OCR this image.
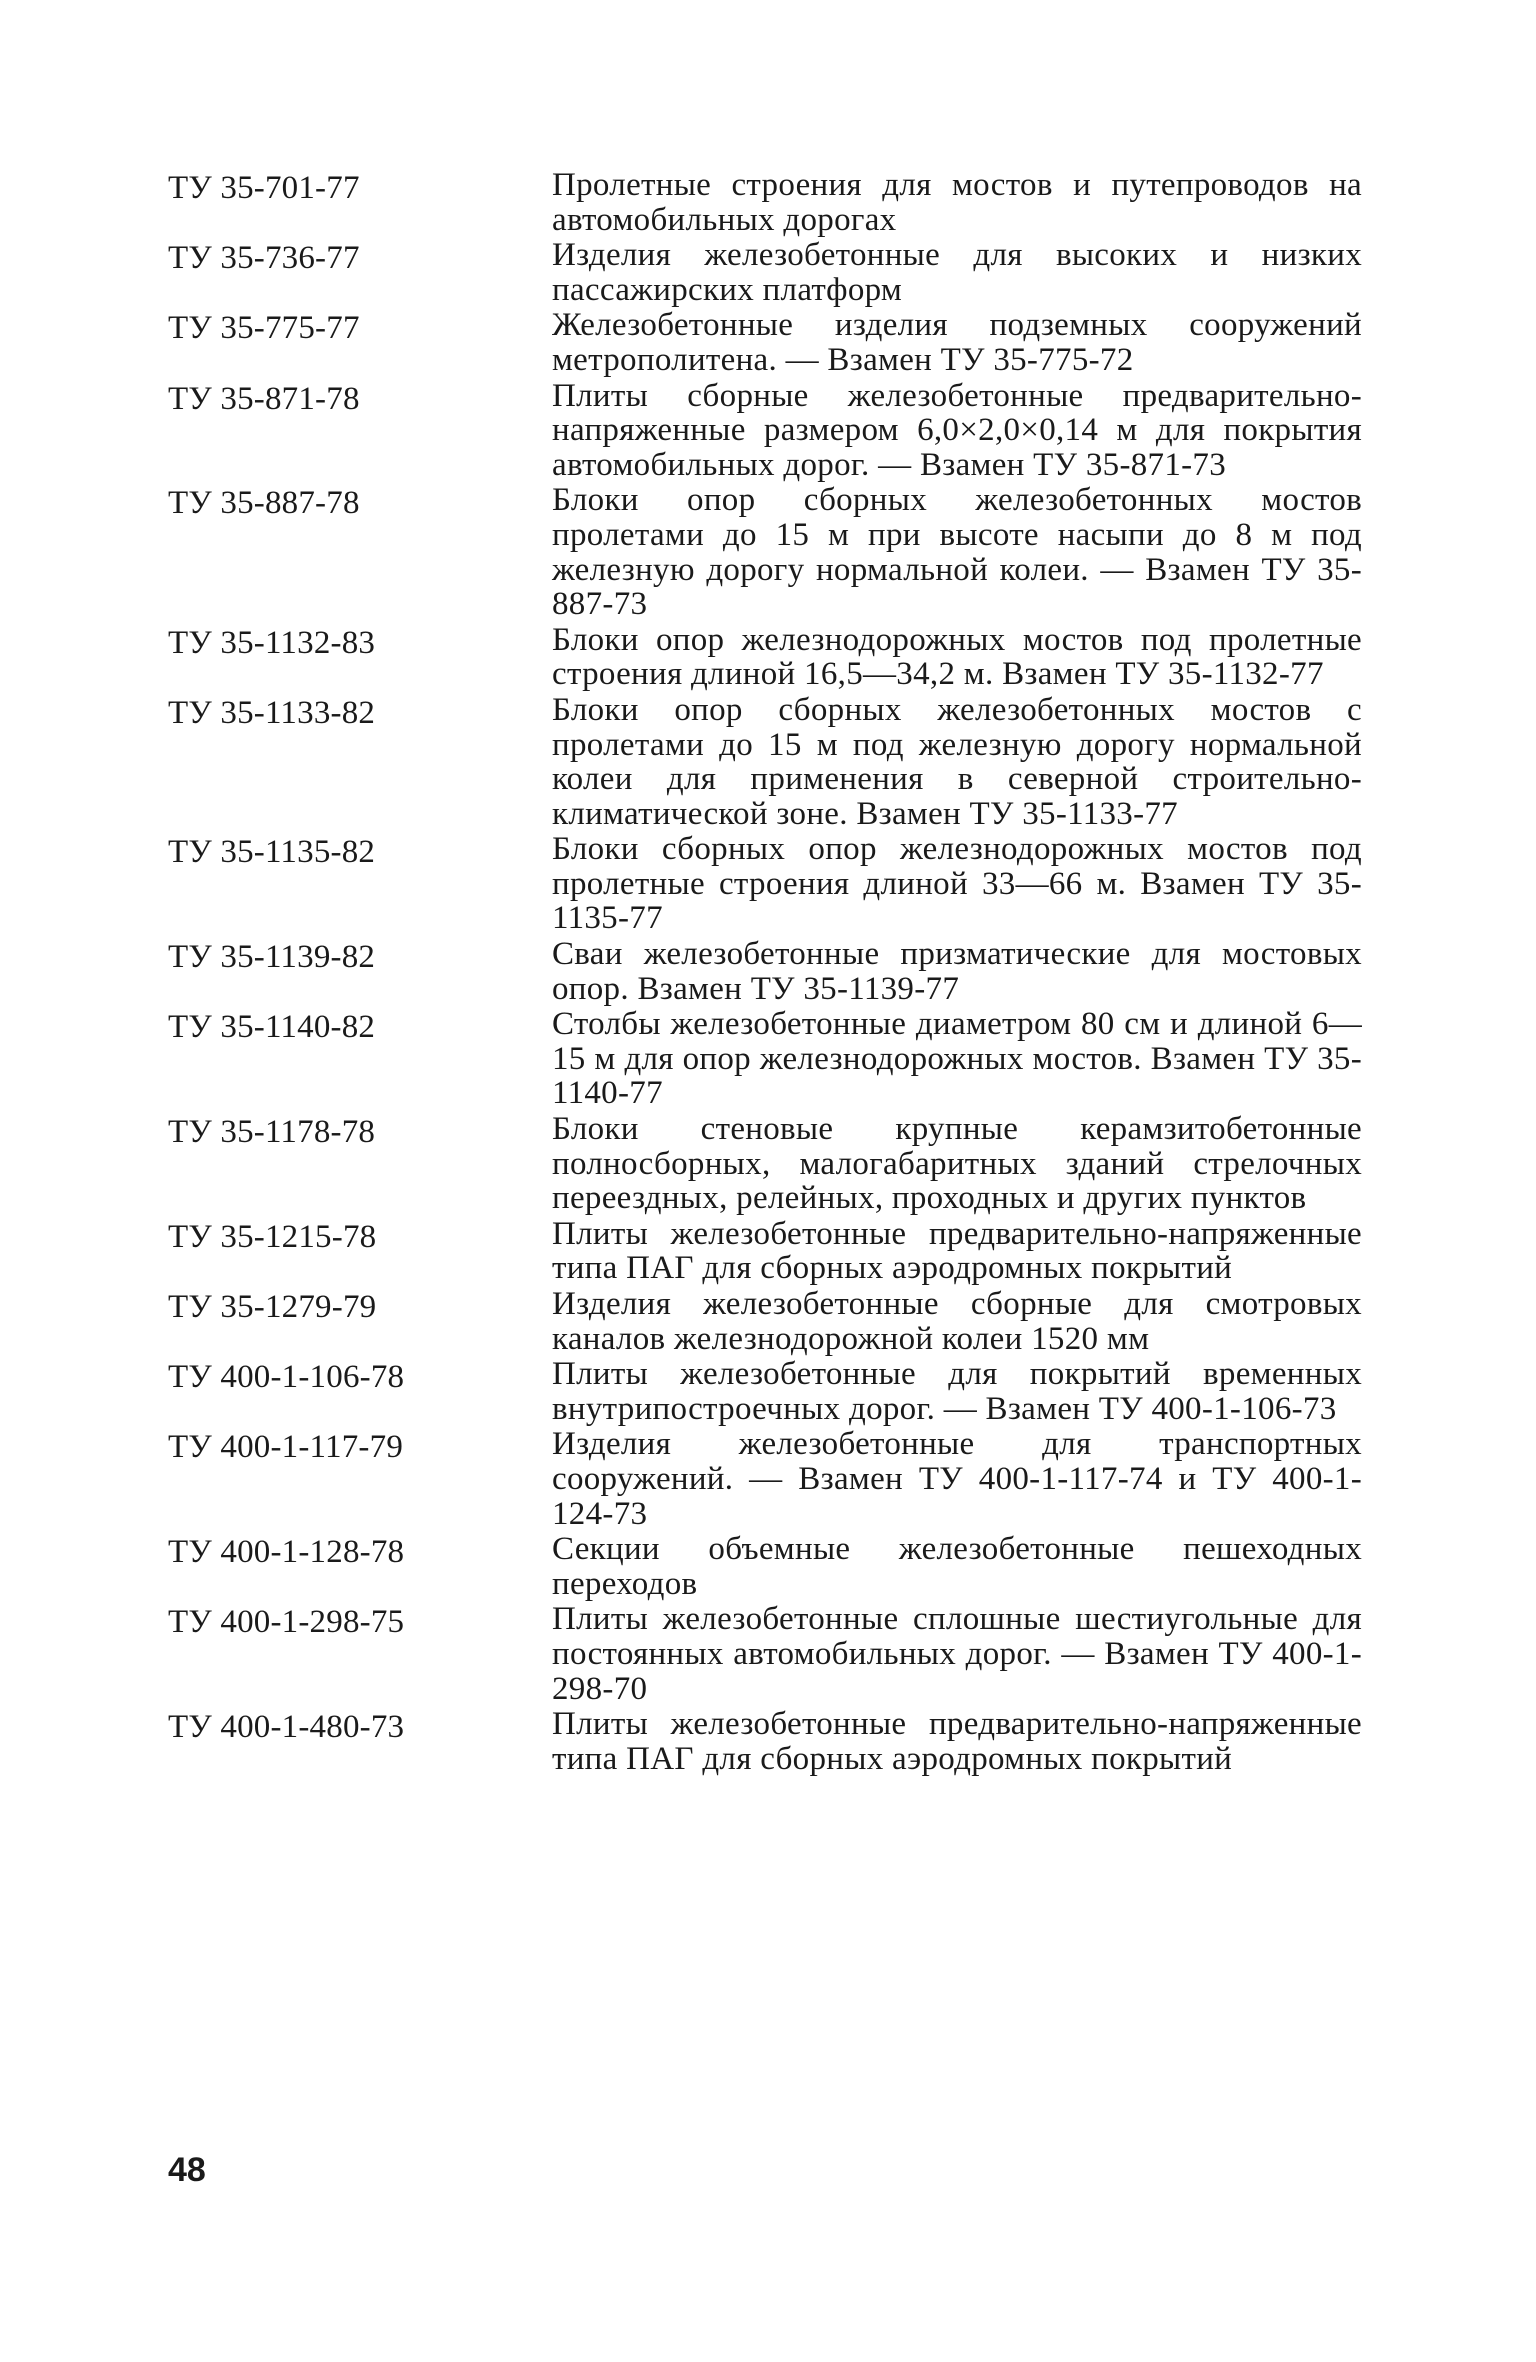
ТУ 35-701-77	Пролетные строения для мостов и путепроводов на автомобильных дорогах
ТУ 35-736-77	Изделия железобетонные для высоких и низких пассажирских платформ
ТУ 35-775-77	Железобетонные изделия подземных сооружений метрополитена. — Взамен ТУ 35-775-72
ТУ 35-871-78	Плиты сборные железобетонные предварительно-напряженные размером 6,0×2,0×0,14 м для покрытия автомобильных дорог. — Взамен ТУ 35-871-73
ТУ 35-887-78	Блоки опор сборных железобетонных мостов пролетами до 15 м при высоте насыпи до 8 м под железную дорогу нормальной колеи. — Взамен ТУ 35-887-73
ТУ 35-1132-83	Блоки опор железнодорожных мостов под пролетные строения длиной 16,5—34,2 м. Взамен ТУ 35-1132-77
ТУ 35-1133-82	Блоки опор сборных железобетонных мостов с пролетами до 15 м под железную дорогу нормальной колеи для применения в северной строительно-климатической зоне. Взамен ТУ 35-1133-77
ТУ 35-1135-82	Блоки сборных опор железнодорожных мостов под пролетные строения длиной 33—66 м. Взамен ТУ 35-1135-77
ТУ 35-1139-82	Сваи железобетонные призматические для мостовых опор. Взамен ТУ 35-1139-77
ТУ 35-1140-82	Столбы железобетонные диаметром 80 см и длиной 6—15 м для опор железнодорожных мостов. Взамен ТУ 35-1140-77
ТУ 35-1178-78	Блоки стеновые крупные керамзитобетонные полносборных, малогабаритных зданий стрелочных переездных, релейных, проходных и других пунктов
ТУ 35-1215-78	Плиты железобетонные предварительно-напряженные типа ПАГ для сборных аэродромных покрытий
ТУ 35-1279-79	Изделия железобетонные сборные для смотровых каналов железнодорожной колеи 1520 мм
ТУ 400-1-106-78	Плиты железобетонные для покрытий временных внутрипостроечных дорог. — Взамен ТУ 400-1-106-73
ТУ 400-1-117-79	Изделия железобетонные для транспортных сооружений. — Взамен ТУ 400-1-117-74 и ТУ 400-1-124-73
ТУ 400-1-128-78	Секции объемные железобетонные пешеходных переходов
ТУ 400-1-298-75	Плиты железобетонные сплошные шестиугольные для постоянных автомобильных дорог. — Взамен ТУ 400-1-298-70
ТУ 400-1-480-73	Плиты железобетонные предварительно-напряженные типа ПАГ для сборных аэродромных покрытий
48
